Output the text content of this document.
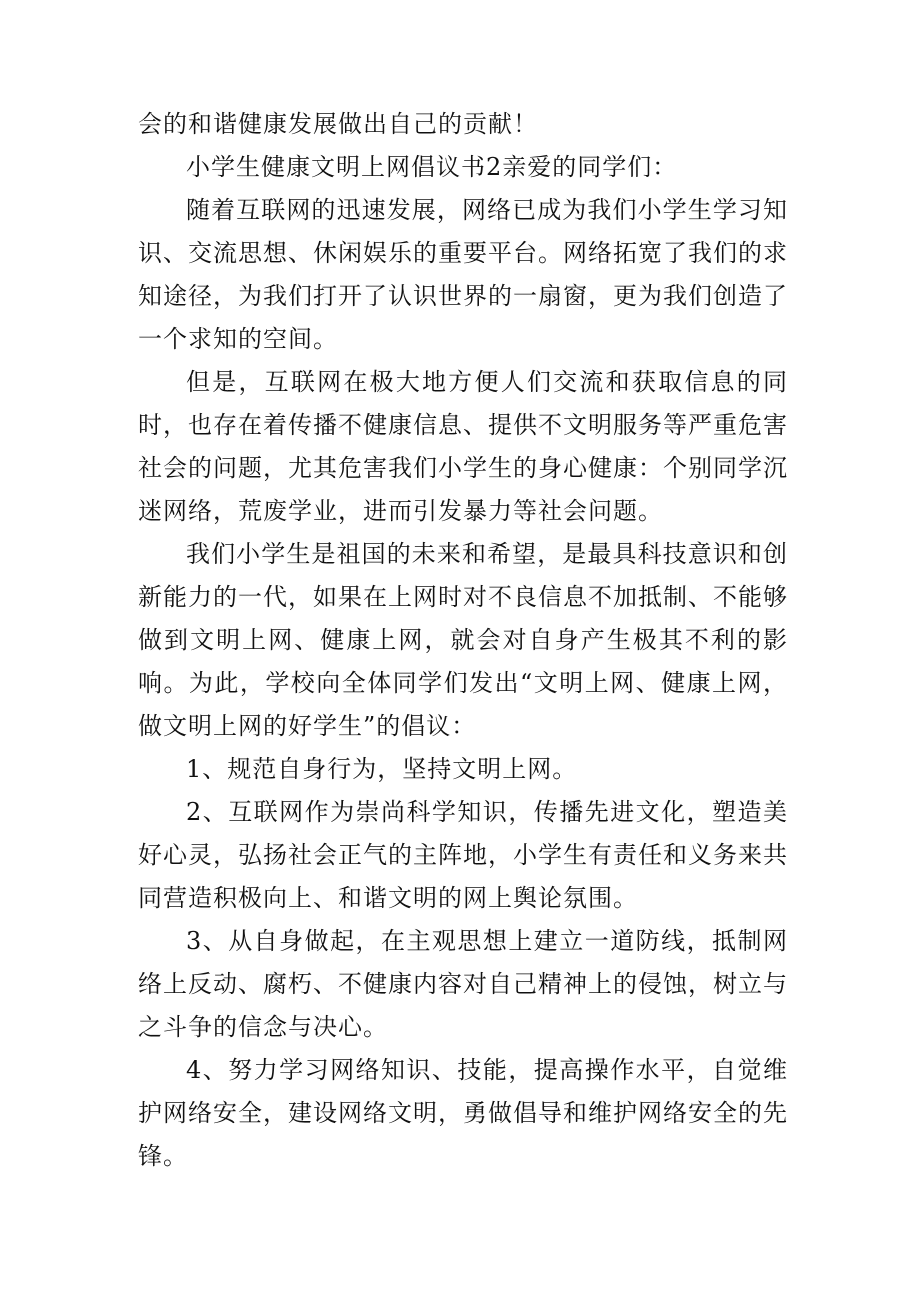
会的和谐健康发展做出自己的贡献！

小学生健康文明上网倡议书2亲爱的同学们：

随着互联网的迅速发展，网络已成为我们小学生学习知识、交流思想、休闲娱乐的重要平台。网络拓宽了我们的求知途径，为我们打开了认识世界的一扇窗，更为我们创造了一个求知的空间。

但是，互联网在极大地方便人们交流和获取信息的同时，也存在着传播不健康信息、提供不文明服务等严重危害社会的问题，尤其危害我们小学生的身心健康：个别同学沉迷网络，荒废学业，进而引发暴力等社会问题。

我们小学生是祖国的未来和希望，是最具科技意识和创新能力的一代，如果在上网时对不良信息不加抵制、不能够做到文明上网、健康上网，就会对自身产生极其不利的影响。为此，学校向全体同学们发出“文明上网、健康上网，做文明上网的好学生”的倡议：

1、规范自身行为，坚持文明上网。

2、互联网作为崇尚科学知识，传播先进文化，塑造美好心灵，弘扬社会正气的主阵地，小学生有责任和义务来共同营造积极向上、和谐文明的网上舆论氛围。

3、从自身做起，在主观思想上建立一道防线，抵制网络上反动、腐朽、不健康内容对自己精神上的侵蚀，树立与之斗争的信念与决心。

4、努力学习网络知识、技能，提高操作水平，自觉维护网络安全，建设网络文明，勇做倡导和维护网络安全的先锋。
